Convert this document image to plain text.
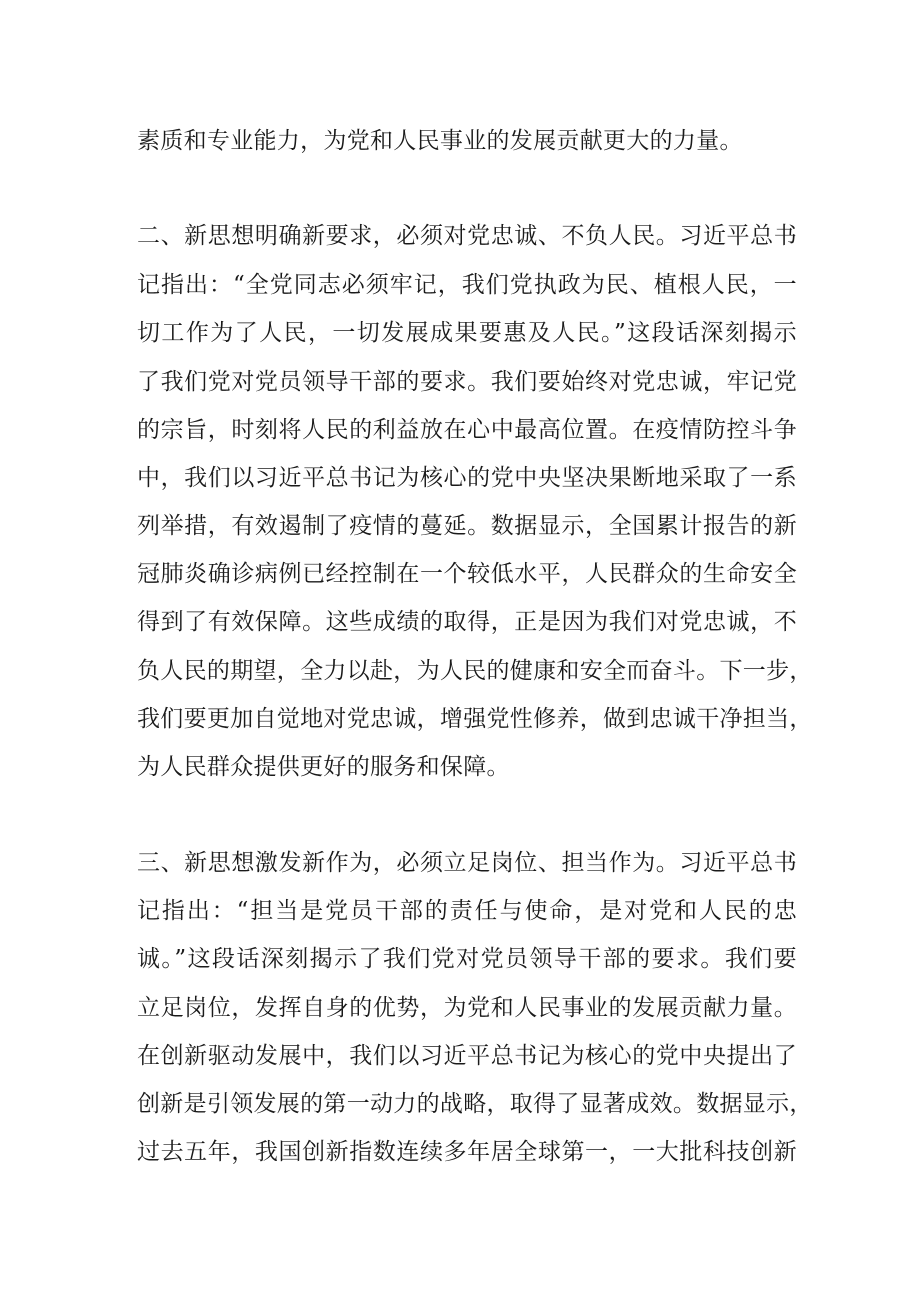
素质和专业能力，为党和人民事业的发展贡献更大的力量。

二、新思想明确新要求，必须对党忠诚、不负人民。习近平总书

记指出：“全党同志必须牢记，我们党执政为民、植根人民，一

切工作为了人民，一切发展成果要惠及人民。”这段话深刻揭示

了我们党对党员领导干部的要求。我们要始终对党忠诚，牢记党

的宗旨，时刻将人民的利益放在心中最高位置。在疫情防控斗争

中，我们以习近平总书记为核心的党中央坚决果断地采取了一系

列举措，有效遏制了疫情的蔓延。数据显示，全国累计报告的新

冠肺炎确诊病例已经控制在一个较低水平，人民群众的生命安全

得到了有效保障。这些成绩的取得，正是因为我们对党忠诚，不

负人民的期望，全力以赴，为人民的健康和安全而奋斗。下一步，

我们要更加自觉地对党忠诚，增强党性修养，做到忠诚干净担当，

为人民群众提供更好的服务和保障。

三、新思想激发新作为，必须立足岗位、担当作为。习近平总书

记指出：“担当是党员干部的责任与使命，是对党和人民的忠

诚。”这段话深刻揭示了我们党对党员领导干部的要求。我们要

立足岗位，发挥自身的优势，为党和人民事业的发展贡献力量。

在创新驱动发展中，我们以习近平总书记为核心的党中央提出了

创新是引领发展的第一动力的战略，取得了显著成效。数据显示，

过去五年，我国创新指数连续多年居全球第一，一大批科技创新
